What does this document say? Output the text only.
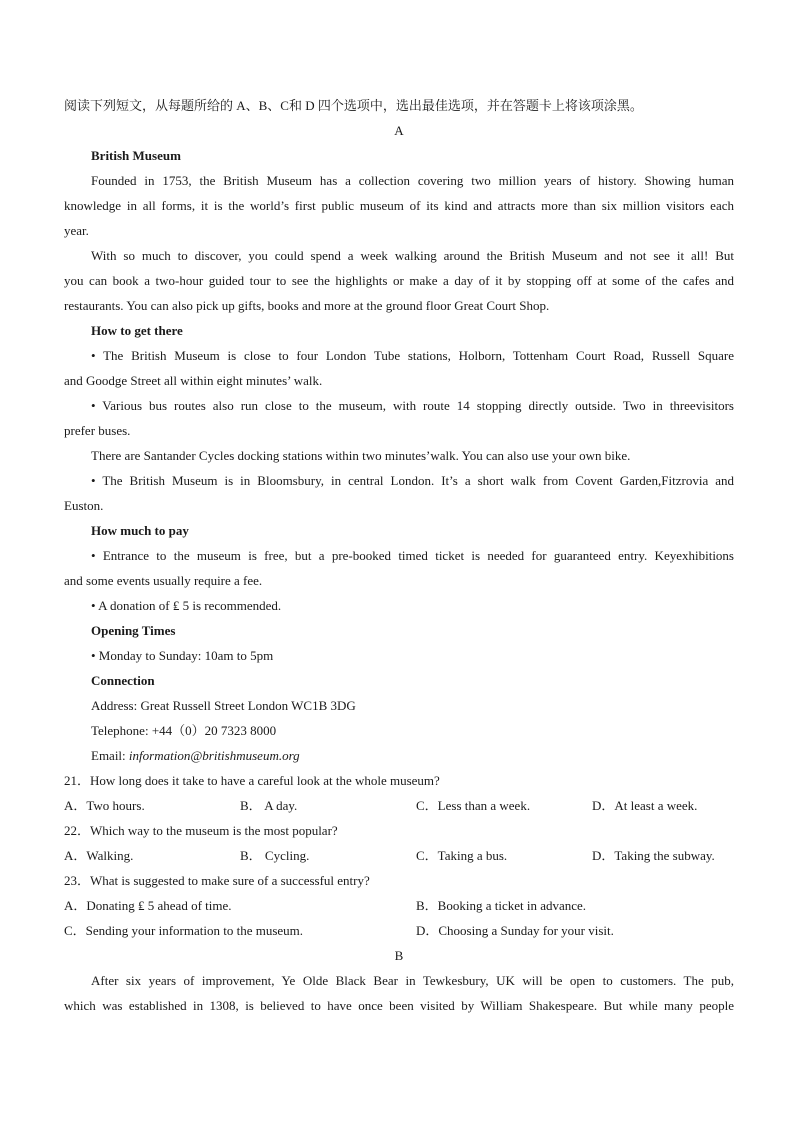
阅读下列短文，从每题所给的 A、B、C和 D 四个选项中，选出最佳选项，并在答题卡上将该项涂黑。
A
British Museum
Founded in 1753, the British Museum has a collection covering two million years of history. Showing human
knowledge in all forms, it is the world’s first public museum of its kind and attracts more than six million visitors each
year.
With so much to discover, you could spend a week walking around the British Museum and not see it all! But
you can book a two-hour guided tour to see the highlights or make a day of it by stopping off at some of the cafes and
restaurants. You can also pick up gifts, books and more at the ground floor Great Court Shop.
How to get there
• The British Museum is close to four London Tube stations, Holborn, Tottenham Court Road, Russell Square
and Goodge Street all within eight minutes’ walk.
• Various bus routes also run close to the museum, with route 14 stopping directly outside. Two in threevisitors
prefer buses.
There are Santander Cycles docking stations within two minutes’walk. You can also use your own bike.
• The British Museum is in Bloomsbury, in central London. It’s a short walk from Covent Garden,Fitzrovia and
Euston.
How much to pay
• Entrance to the museum is free, but a pre-booked timed ticket is needed for guaranteed entry. Keyexhibitions
and some events usually require a fee.
• A donation of ₤ 5 is recommended.
Opening Times
• Monday to Sunday: 10am to 5pm
Connection
Address: Great Russell Street London WC1B 3DG
Telephone: +44（0）20 7323 8000
Email: information@britishmuseum.org
21．How long does it take to have a careful look at the whole museum?
A．Two hours.	B． A day.	C．Less than a week.	D．At least a week.
22．Which way to the museum is the most popular?
A．Walking.	B． Cycling.	C．Taking a bus.	D．Taking the subway.
23．What is suggested to make sure of a successful entry?
A．Donating ₤ 5 ahead of time.	B．Booking a ticket in advance.
C．Sending your information to the museum.	D．Choosing a Sunday for your visit.
B
After six years of improvement, Ye Olde Black Bear in Tewkesbury, UK will be open to customers. The pub,
which was established in 1308, is believed to have once been visited by William Shakespeare. But while many people
